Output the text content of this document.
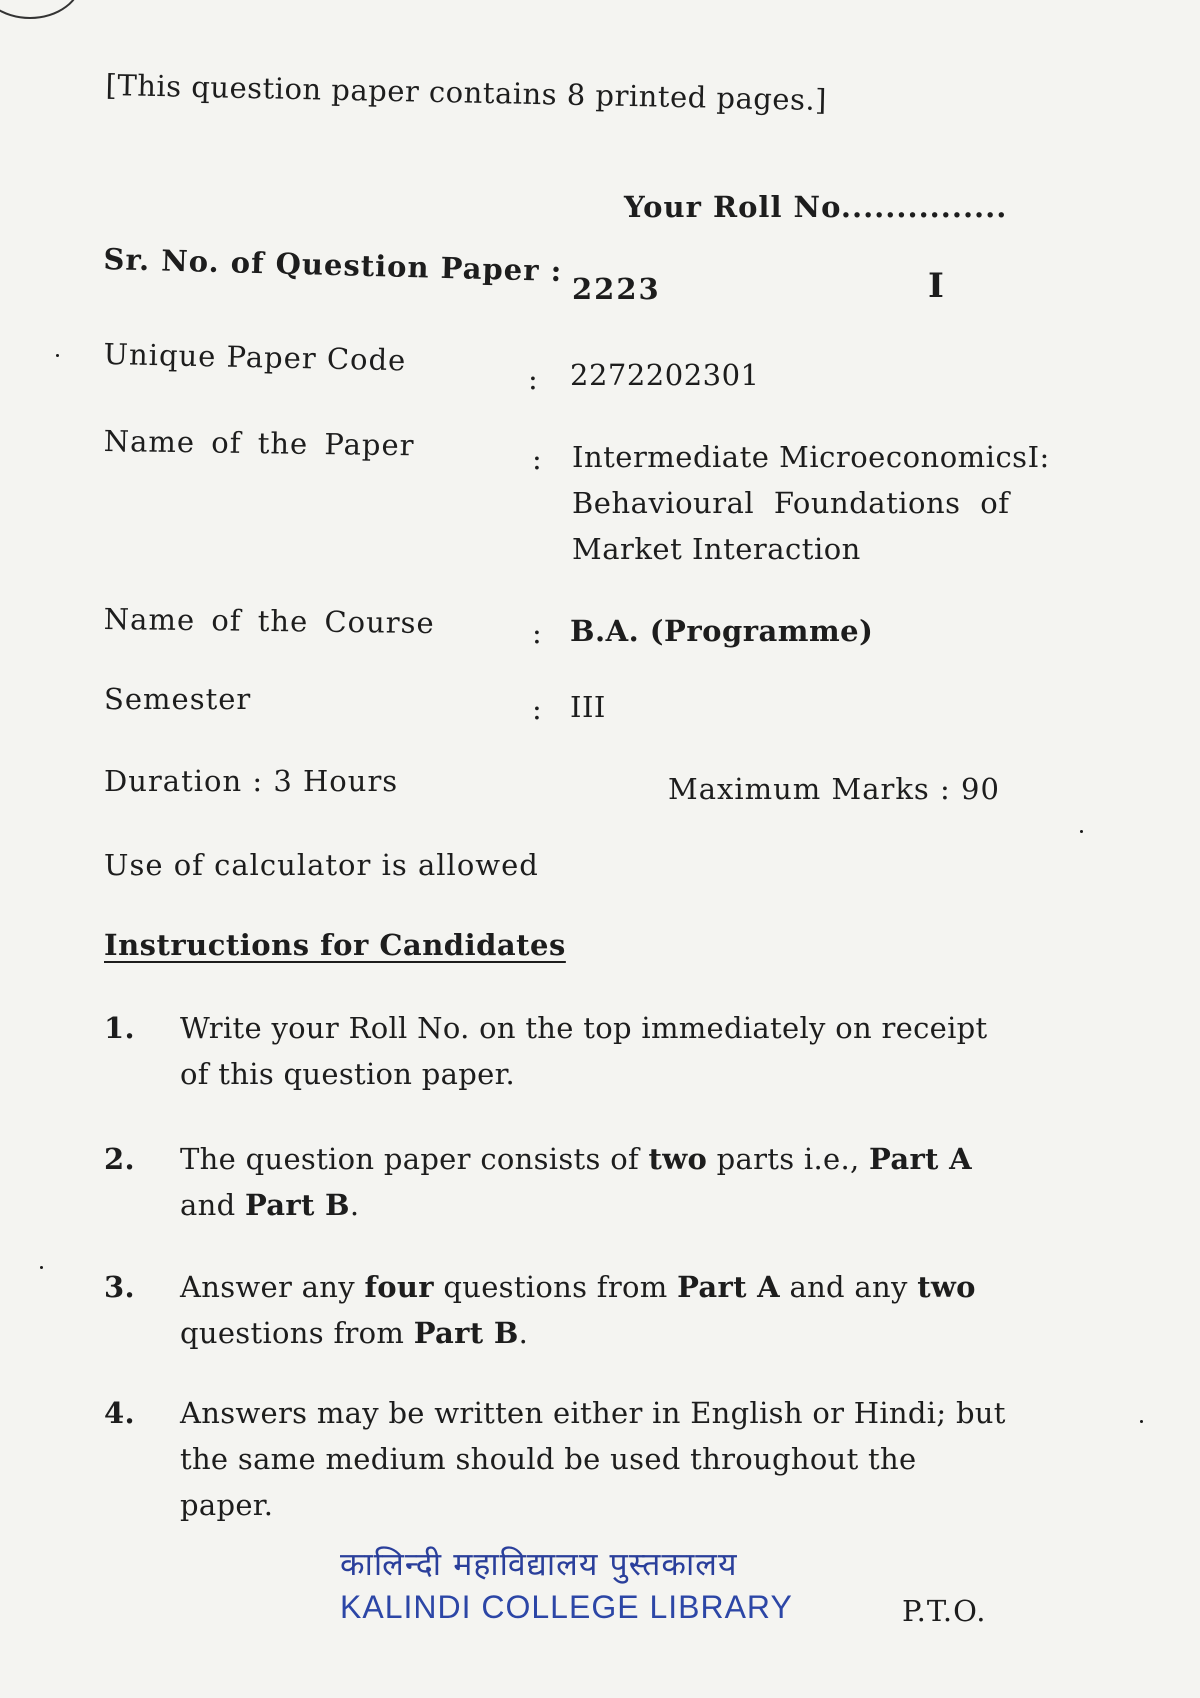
[This question paper contains 8 printed pages.]
Your Roll No...............
Sr. No. of Question Paper :
2223	I
Unique Paper Code
: 2272202301
Name of the Paper	: Intermediate MicroeconomicsI:
Behavioural Foundations of
Market Interaction
Name of the Course	: B.A. (Programme)
Semester	: III
Duration : 3 Hours	Maximum Marks : 90
Use of calculator is allowed
Instructions for Candidates
1. Write your Roll No. on the top immediately on receipt of this question paper.
2. The question paper consists of two parts i.e., Part A and Part B.
3. Answer any four questions from Part A and any two questions from Part B.
4. Answers may be written either in English or Hindi; but the same medium should be used throughout the paper.
कालिन्दी महाविद्यालय पुस्तकालय
KALINDI COLLEGE LIBRARY	P.T.O.
